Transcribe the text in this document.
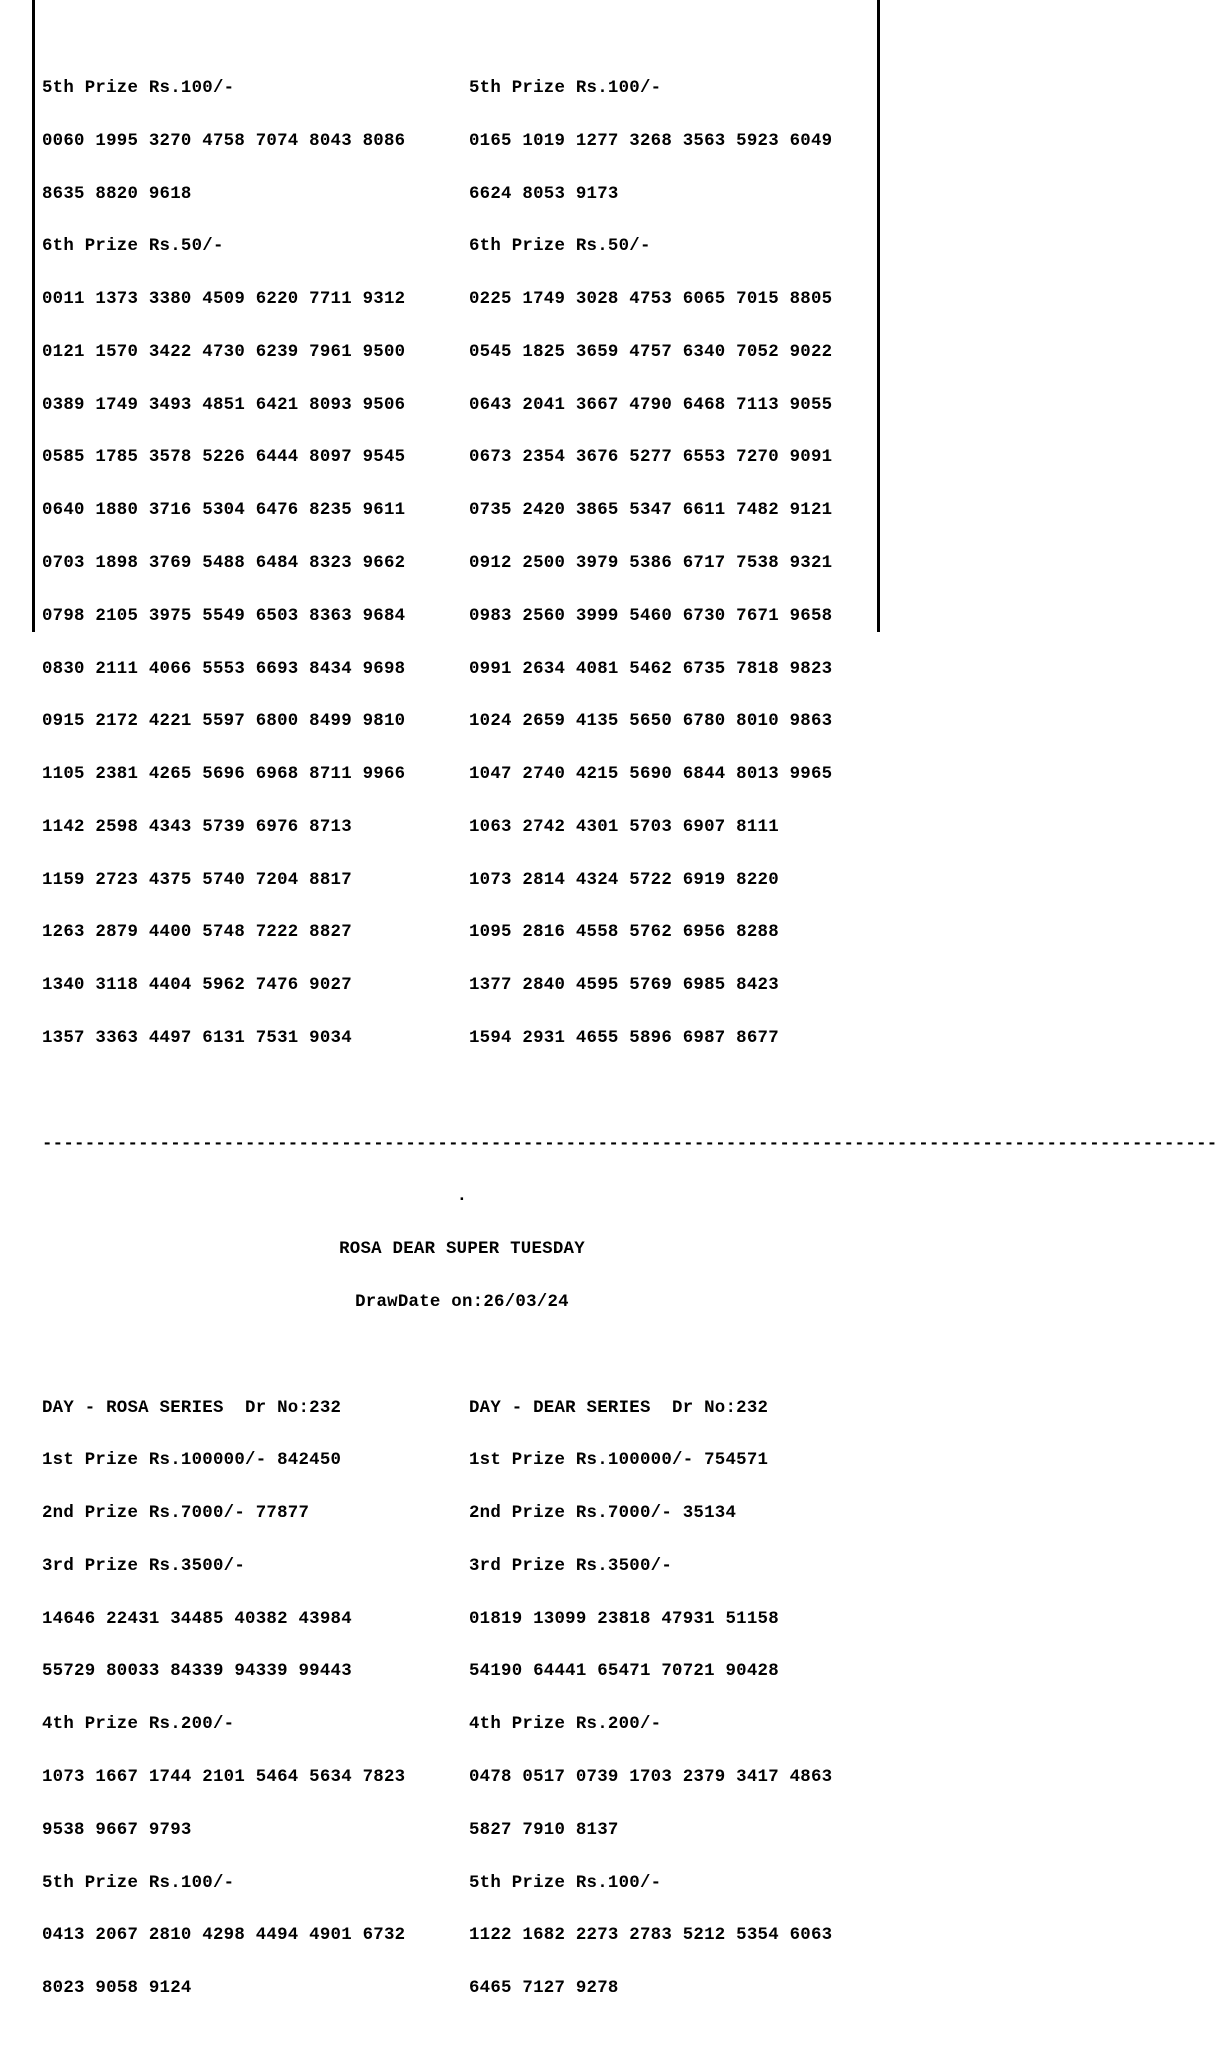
5th Prize Rs.100/-

0060 1995 3270 4758 7074 8043 8086

8635 8820 9618

6th Prize Rs.50/-

0011 1373 3380 4509 6220 7711 9312

0121 1570 3422 4730 6239 7961 9500

0389 1749 3493 4851 6421 8093 9506

0585 1785 3578 5226 6444 8097 9545

0640 1880 3716 5304 6476 8235 9611

0703 1898 3769 5488 6484 8323 9662

0798 2105 3975 5549 6503 8363 9684

0830 2111 4066 5553 6693 8434 9698

0915 2172 4221 5597 6800 8499 9810

1105 2381 4265 5696 6968 8711 9966

1142 2598 4343 5739 6976 8713

1159 2723 4375 5740 7204 8817

1263 2879 4400 5748 7222 8827

1340 3118 4404 5962 7476 9027

1357 3363 4497 6131 7531 9034

5th Prize Rs.100/-

0165 1019 1277 3268 3563 5923 6049

6624 8053 9173

6th Prize Rs.50/-

0225 1749 3028 4753 6065 7015 8805

0545 1825 3659 4757 6340 7052 9022

0643 2041 3667 4790 6468 7113 9055

0673 2354 3676 5277 6553 7270 9091

0735 2420 3865 5347 6611 7482 9121

0912 2500 3979 5386 6717 7538 9321

0983 2560 3999 5460 6730 7671 9658

0991 2634 4081 5462 6735 7818 9823

1024 2659 4135 5650 6780 8010 9863

1047 2740 4215 5690 6844 8013 9965

1063 2742 4301 5703 6907 8111

1073 2814 4324 5722 6919 8220

1095 2816 4558 5762 6956 8288

1377 2840 4595 5769 6985 8423

1594 2931 4655 5896 6987 8677

--------------------------------------------------------------------------------------------------------------

.

ROSA DEAR SUPER TUESDAY

DrawDate on:26/03/24

DAY - ROSA SERIES  Dr No:232

1st Prize Rs.100000/- 842450

2nd Prize Rs.7000/- 77877

3rd Prize Rs.3500/-

14646 22431 34485 40382 43984

55729 80033 84339 94339 99443

4th Prize Rs.200/-

1073 1667 1744 2101 5464 5634 7823

9538 9667 9793

5th Prize Rs.100/-

0413 2067 2810 4298 4494 4901 6732

8023 9058 9124

DAY - DEAR SERIES  Dr No:232

1st Prize Rs.100000/- 754571

2nd Prize Rs.7000/- 35134

3rd Prize Rs.3500/-

01819 13099 23818 47931 51158

54190 64441 65471 70721 90428

4th Prize Rs.200/-

0478 0517 0739 1703 2379 3417 4863

5827 7910 8137

5th Prize Rs.100/-

1122 1682 2273 2783 5212 5354 6063

6465 7127 9278
